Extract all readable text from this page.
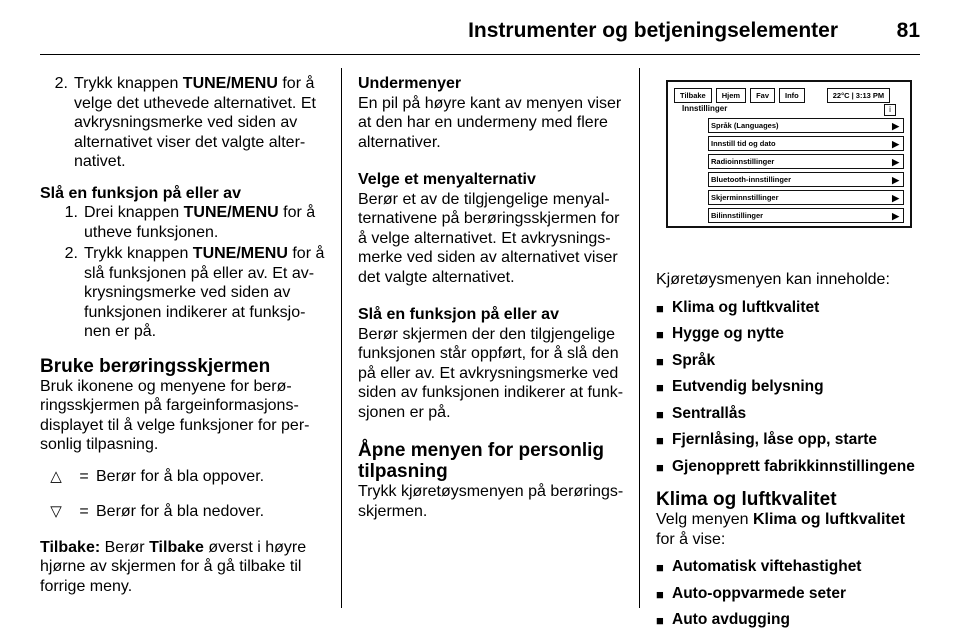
Instrumenter og betjeningselementer	81
2. Trykk knappen TUNE/MENU for å velge det uthevede alternativet. Et avkrysningsmerke ved siden av alternativet viser det valgte alternativet.
Slå en funksjon på eller av
1. Drei knappen TUNE/MENU for å utheve funksjonen.
2. Trykk knappen TUNE/MENU for å slå funksjonen på eller av. Et avkrysningsmerke ved siden av funksjonen indikerer at funksjonen er på.
Bruke berøringsskjermen

Bruk ikonene og menyene for berøringsskjermen på fargeinformasjonsdisplayet til å velge funksjoner for personlig tilpasning.

△	= Berør for å bla oppover.
▽	= Berør for å bla nedover.

Tilbake: Berør Tilbake øverst i høyre hjørne av skjermen for å gå tilbake til forrige meny.

Undermenyer

En pil på høyre kant av menyen viser at den har en undermeny med flere alternativer.

Velge et menyalternativ

Berør et av de tilgjengelige menyalternativene på berøringsskjermen for å velge alternativet. Et avkrysningsmerke ved siden av alternativet viser det valgte alternativet.

Slå en funksjon på eller av

Berør skjermen der den tilgjengelige funksjonen står oppført, for å slå den på eller av. Et avkrysningsmerke ved siden av funksjonen indikerer at funksjonen er på.

Åpne menyen for personlig tilpasning

Trykk kjøretøysmenyen på berøringsskjermen.

Tilbake	Hjem	Fav	Info	22°C | 3:13 PM
Innstillinger	i
Språk (Languages)	▶
Innstill tid og dato	▶
Radioinnstillinger	▶
Bluetooth-innstillinger	▶
Skjerminnstillinger	▶
Bilinnstillinger	▶

Kjøretøysmenyen kan inneholde:

■ Klima og luftkvalitet
■ Hygge og nytte
■ Språk
■ Eutvendig belysning
■ Sentrallås
■ Fjernlåsing, låse opp, starte
■ Gjenopprett fabrikkinnstillingene
Klima og luftkvalitet

Velg menyen Klima og luftkvalitet for å vise:

■ Automatisk viftehastighet
■ Auto-oppvarmede seter
■ Auto avdugging
